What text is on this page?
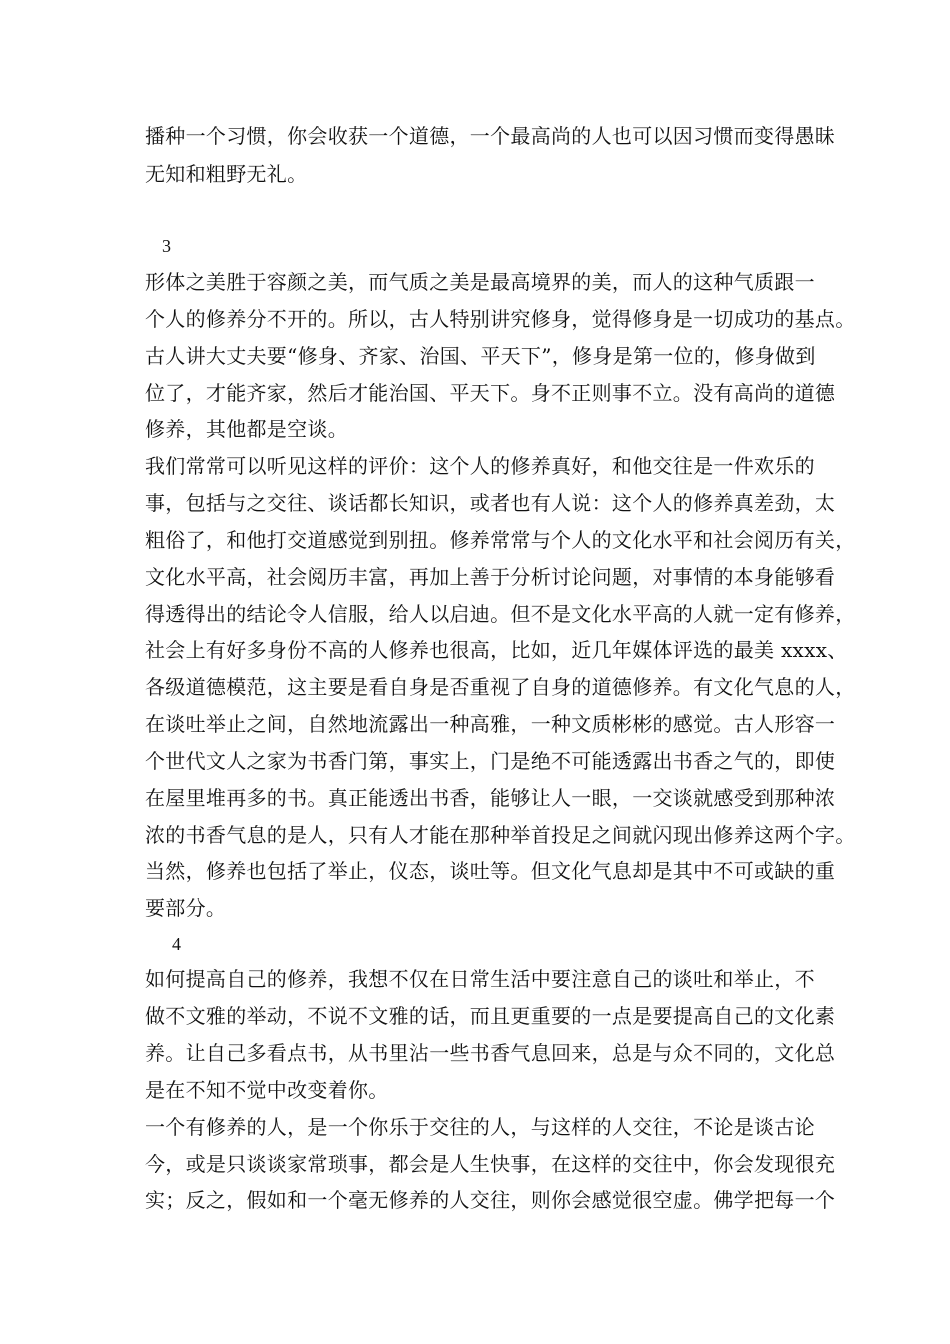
播种一个习惯，你会收获一个道德，一个最高尚的人也可以因习惯而变得愚昧
无知和粗野无礼。
3
形体之美胜于容颜之美，而气质之美是最高境界的美，而人的这种气质跟一
个人的修养分不开的。所以，古人特别讲究修身，觉得修身是一切成功的基点。
古人讲大丈夫要“修身、齐家、治国、平天下”，修身是第一位的，修身做到
位了，才能齐家，然后才能治国、平天下。身不正则事不立。没有高尚的道德
修养，其他都是空谈。
我们常常可以听见这样的评价：这个人的修养真好，和他交往是一件欢乐的
事，包括与之交往、谈话都长知识，或者也有人说：这个人的修养真差劲，太
粗俗了，和他打交道感觉到别扭。修养常常与个人的文化水平和社会阅历有关，
文化水平高，社会阅历丰富，再加上善于分析讨论问题，对事情的本身能够看
得透得出的结论令人信服，给人以启迪。但不是文化水平高的人就一定有修养，
社会上有好多身份不高的人修养也很高，比如，近几年媒体评选的最美 xxxx、
各级道德模范，这主要是看自身是否重视了自身的道德修养。有文化气息的人，
在谈吐举止之间，自然地流露出一种高雅，一种文质彬彬的感觉。古人形容一
个世代文人之家为书香门第，事实上，门是绝不可能透露出书香之气的，即使
在屋里堆再多的书。真正能透出书香，能够让人一眼，一交谈就感受到那种浓
浓的书香气息的是人，只有人才能在那种举首投足之间就闪现出修养这两个字。
当然，修养也包括了举止，仪态，谈吐等。但文化气息却是其中不可或缺的重
要部分。
4
如何提高自己的修养，我想不仅在日常生活中要注意自己的谈吐和举止，不
做不文雅的举动，不说不文雅的话，而且更重要的一点是要提高自己的文化素
养。让自己多看点书，从书里沾一些书香气息回来，总是与众不同的，文化总
是在不知不觉中改变着你。
一个有修养的人，是一个你乐于交往的人，与这样的人交往，不论是谈古论
今，或是只谈谈家常琐事，都会是人生快事，在这样的交往中，你会发现很充
实；反之，假如和一个毫无修养的人交往，则你会感觉很空虚。佛学把每一个
